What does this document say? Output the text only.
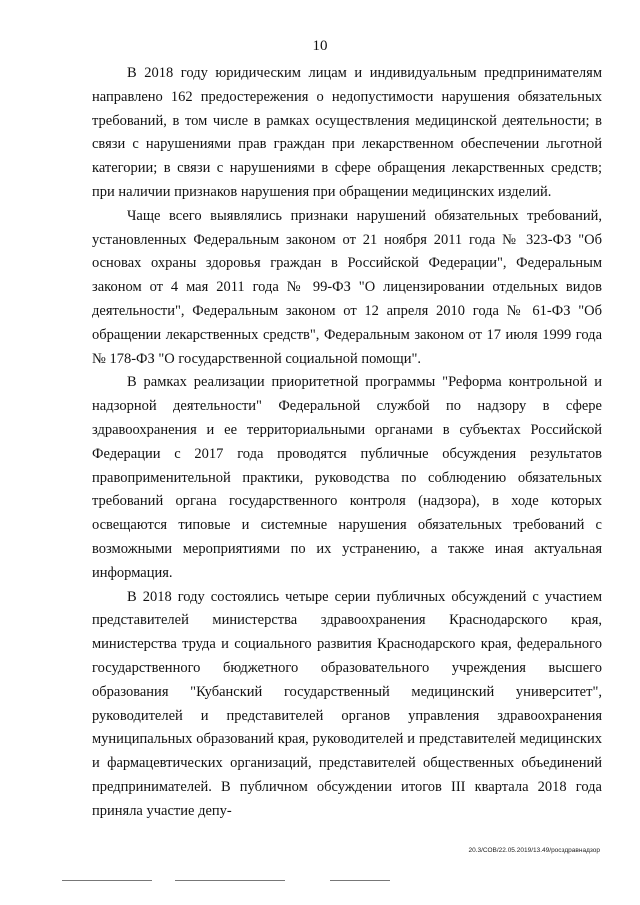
10

В 2018 году юридическим лицам и индивидуальным предпринимателям направлено 162 предостережения о недопустимости нарушения обязательных требований, в том числе в рамках осуществления медицинской деятельности; в связи с нарушениями прав граждан при лекарственном обеспечении льготной категории; в связи с нарушениями в сфере обращения лекарственных средств; при наличии признаков нарушения при обращении медицинских изделий.

Чаще всего выявлялись признаки нарушений обязательных требований, установленных Федеральным законом от 21 ноября 2011 года № 323-ФЗ "Об основах охраны здоровья граждан в Российской Федерации", Федеральным законом от 4 мая 2011 года № 99-ФЗ "О лицензировании отдельных видов деятельности", Федеральным законом от 12 апреля 2010 года № 61-ФЗ "Об обращении лекарственных средств", Федеральным законом от 17 июля 1999 года № 178-ФЗ "О государственной социальной помощи".

В рамках реализации приоритетной программы "Реформа контрольной и надзорной деятельности" Федеральной службой по надзору в сфере здравоохранения и ее территориальными органами в субъектах Российской Федерации с 2017 года проводятся публичные обсуждения результатов правоприменительной практики, руководства по соблюдению обязательных требований органа государственного контроля (надзора), в ходе которых освещаются типовые и системные нарушения обязательных требований с возможными мероприятиями по их устранению, а также иная актуальная информация.

В 2018 году состоялись четыре серии публичных обсуждений с участием представителей министерства здравоохранения Краснодарского края, министерства труда и социального развития Краснодарского края, федерального государственного бюджетного образовательного учреждения высшего образования "Кубанский государственный медицинский университет", руководителей и представителей органов управления здравоохранения муниципальных образований края, руководителей и представителей медицинских и фармацевтических организаций, представителей общественных объединений предпринимателей. В публичном обсуждении итогов III квартала 2018 года приняла участие депу-

20.3/СОВ/22.05.2019/13.49/росздравнадзор
